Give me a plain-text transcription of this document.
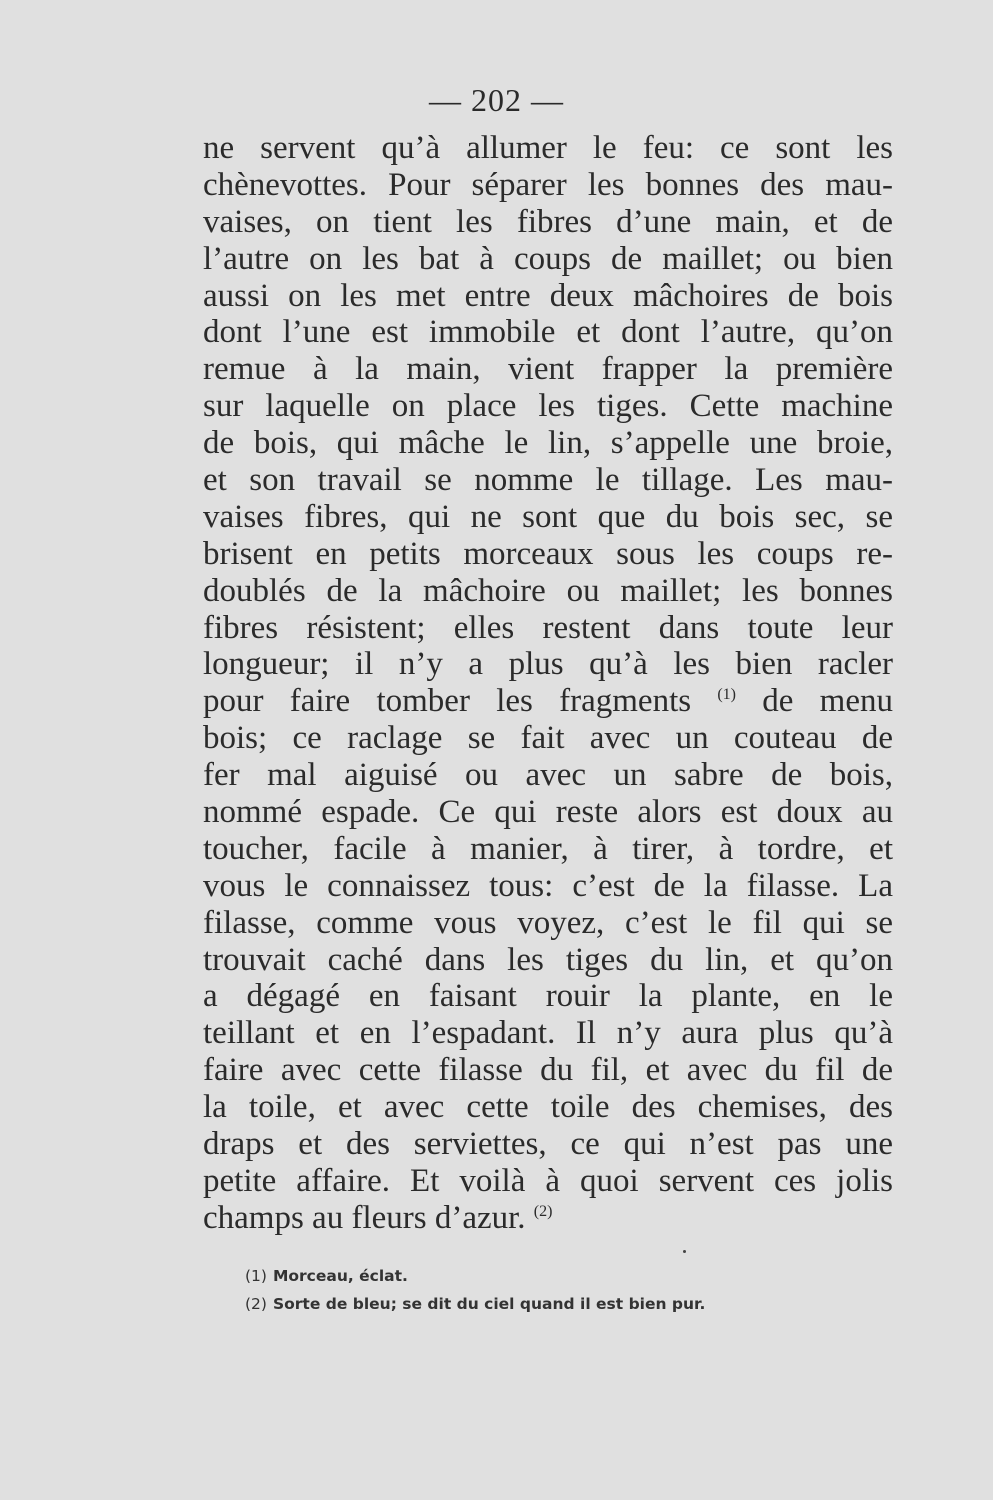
— 202 —
ne servent qu’à allumer le feu: ce sont les
chènevottes. Pour séparer les bonnes des mau-
vaises, on tient les fibres d’une main, et de
l’autre on les bat à coups de maillet; ou bien
aussi on les met entre deux mâchoires de bois
dont l’une est immobile et dont l’autre, qu’on
remue à la main, vient frapper la première
sur laquelle on place les tiges. Cette machine
de bois, qui mâche le lin, s’appelle une broie,
et son travail se nomme le tillage. Les mau-
vaises fibres, qui ne sont que du bois sec, se
brisent en petits morceaux sous les coups re-
doublés de la mâchoire ou maillet; les bonnes
fibres résistent; elles restent dans toute leur
longueur; il n’y a plus qu’à les bien racler
pour faire tomber les fragments $^{(1)}$ de menu
bois; ce raclage se fait avec un couteau de
fer mal aiguisé ou avec un sabre de bois,
nommé espade. Ce qui reste alors est doux au
toucher, facile à manier, à tirer, à tordre, et
vous le connaissez tous: c’est de la filasse. La
filasse, comme vous voyez, c’est le fil qui se
trouvait caché dans les tiges du lin, et qu’on
a dégagé en faisant rouir la plante, en le
teillant et en l’espadant. Il n’y aura plus qu’à
faire avec cette filasse du fil, et avec du fil de
la toile, et avec cette toile des chemises, des
draps et des serviettes, ce qui n’est pas une
petite affaire. Et voilà à quoi servent ces jolis
champs au fleurs d’azur. $^{(2)}$
(1) Morceau, éclat.
(2) Sorte de bleu; se dit du ciel quand il est bien pur.
